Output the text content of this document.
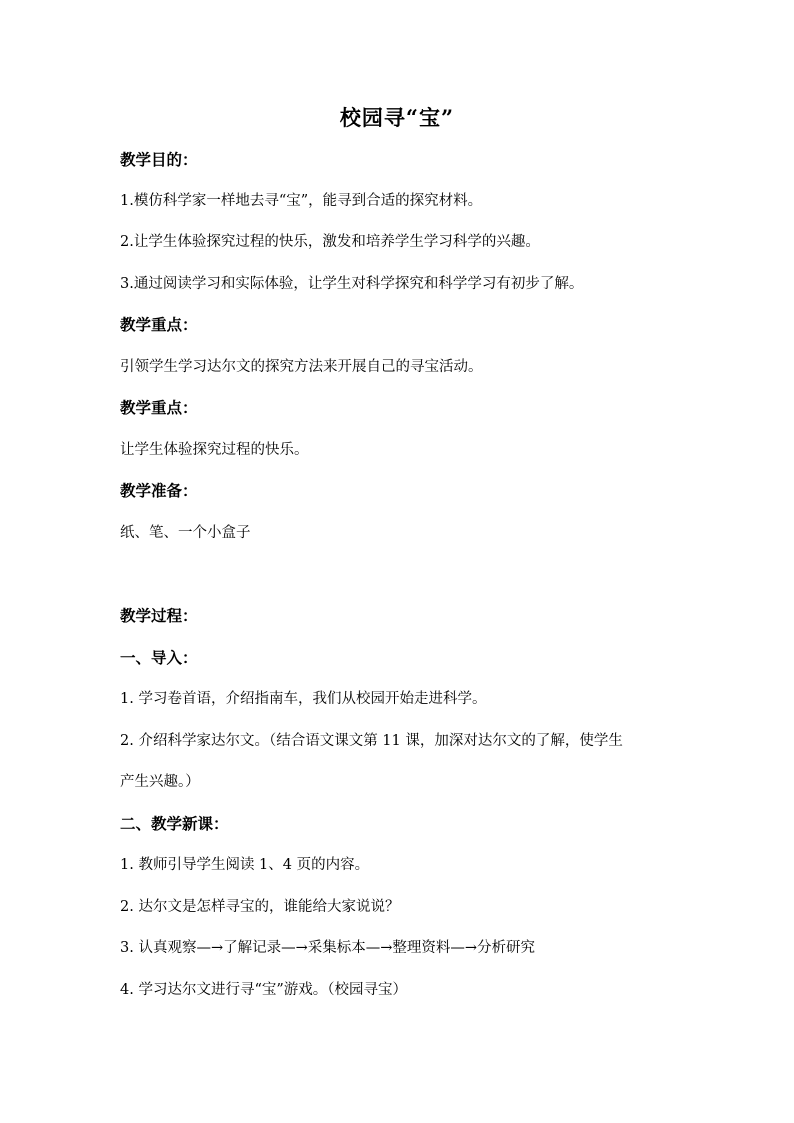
校园寻“宝”
教学目的：
1.模仿科学家一样地去寻“宝”，能寻到合适的探究材料。
2.让学生体验探究过程的快乐，激发和培养学生学习科学的兴趣。
3.通过阅读学习和实际体验，让学生对科学探究和科学学习有初步了解。
教学重点：
引领学生学习达尔文的探究方法来开展自己的寻宝活动。
教学重点：
让学生体验探究过程的快乐。
教学准备：
纸、笔、一个小盒子
教学过程：
一、导入：
1. 学习卷首语，介绍指南车，我们从校园开始走进科学。
2. 介绍科学家达尔文。（结合语文课文第 11 课，加深对达尔文的了解，使学生
产生兴趣。）
二、教学新课：
1. 教师引导学生阅读 1、4 页的内容。
2. 达尔文是怎样寻宝的，谁能给大家说说？
3. 认真观察—→了解记录—→采集标本—→整理资料—→分析研究
4. 学习达尔文进行寻“宝”游戏。（校园寻宝）
